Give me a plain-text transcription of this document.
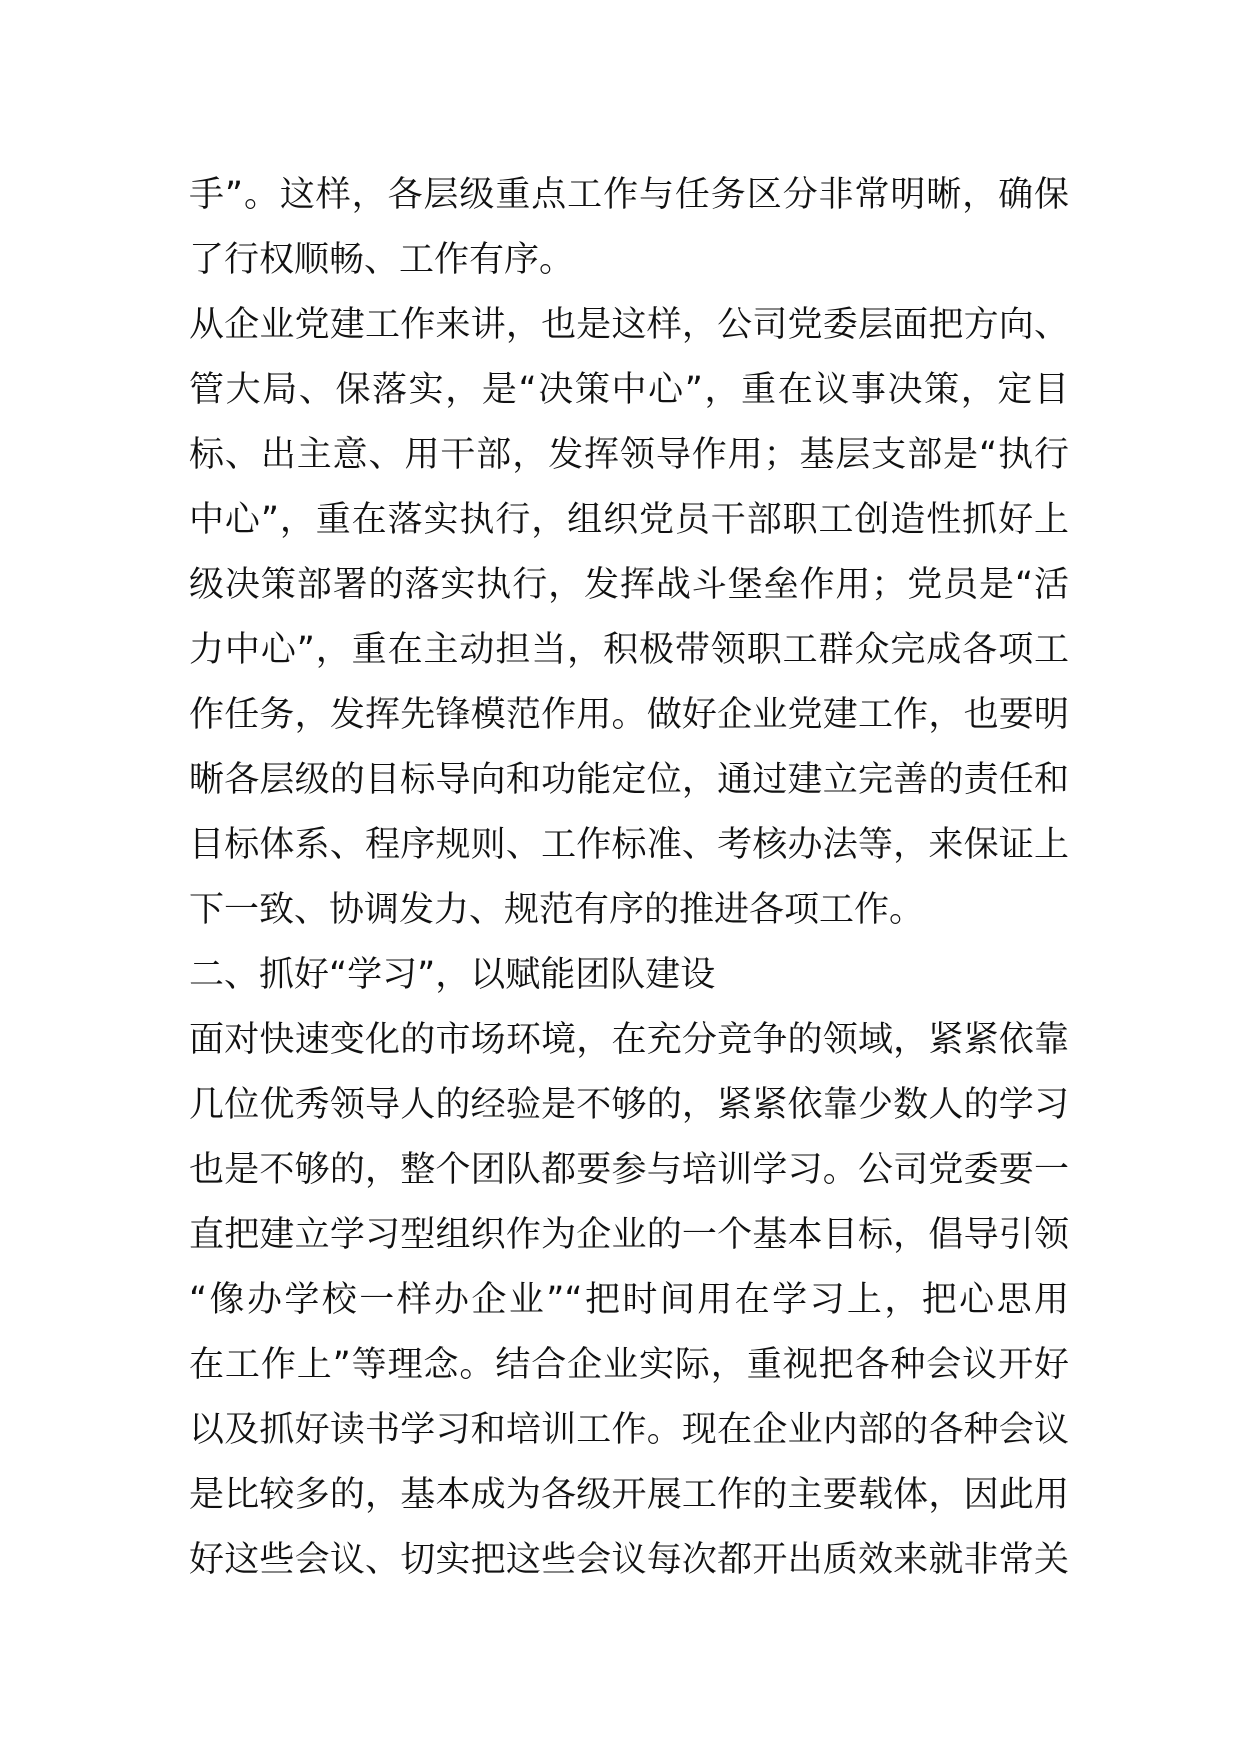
手”。这样，各层级重点工作与任务区分非常明晰，确保
了行权顺畅、工作有序。
从企业党建工作来讲，也是这样，公司党委层面把方向、
管大局、保落实，是“决策中心”，重在议事决策，定目
标、出主意、用干部，发挥领导作用；基层支部是“执行
中心”，重在落实执行，组织党员干部职工创造性抓好上
级决策部署的落实执行，发挥战斗堡垒作用；党员是“活
力中心”，重在主动担当，积极带领职工群众完成各项工
作任务，发挥先锋模范作用。做好企业党建工作，也要明
晰各层级的目标导向和功能定位，通过建立完善的责任和
目标体系、程序规则、工作标准、考核办法等，来保证上
下一致、协调发力、规范有序的推进各项工作。
二、抓好“学习”，以赋能团队建设
面对快速变化的市场环境，在充分竞争的领域，紧紧依靠
几位优秀领导人的经验是不够的，紧紧依靠少数人的学习
也是不够的，整个团队都要参与培训学习。公司党委要一
直把建立学习型组织作为企业的一个基本目标，倡导引领
“像办学校一样办企业”“把时间用在学习上，把心思用
在工作上”等理念。结合企业实际，重视把各种会议开好
以及抓好读书学习和培训工作。现在企业内部的各种会议
是比较多的，基本成为各级开展工作的主要载体，因此用
好这些会议、切实把这些会议每次都开出质效来就非常关
